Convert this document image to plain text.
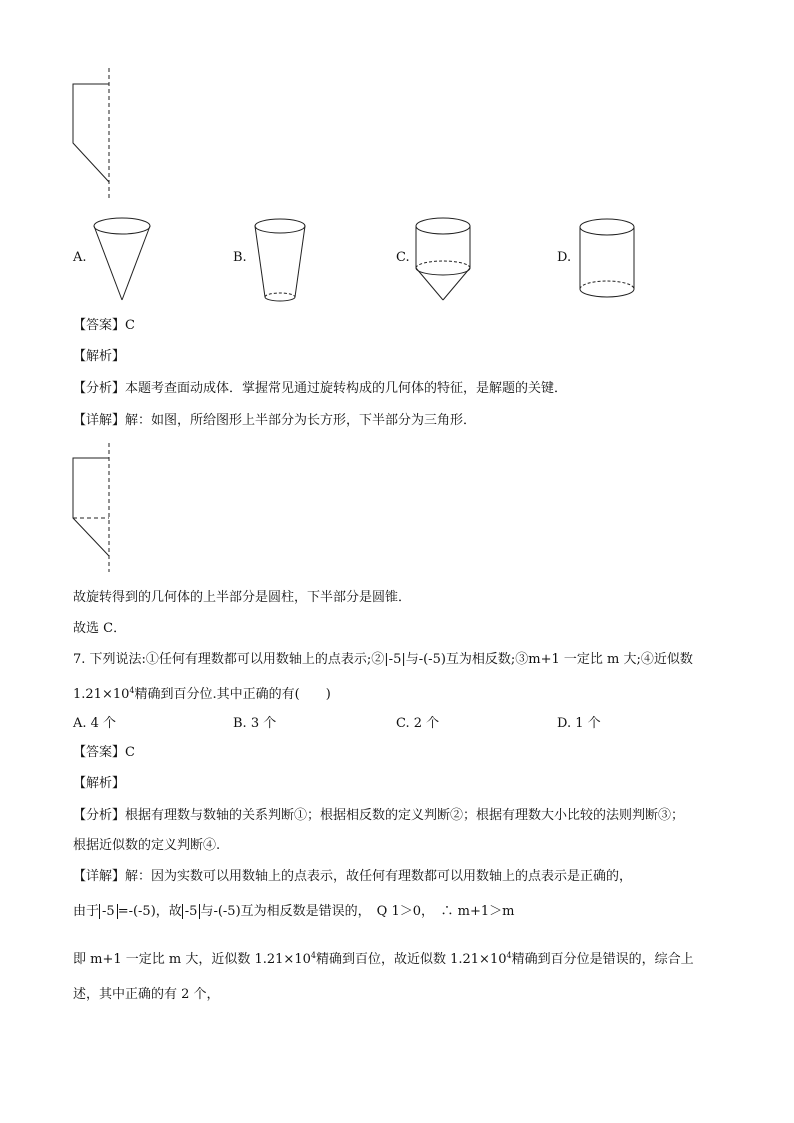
A.	B.	C.	D.
【答案】C
【解析】
【分析】本题考查面动成体．掌握常见通过旋转构成的几何体的特征，是解题的关键．
【详解】解：如图，所给图形上半部分为长方形，下半部分为三角形．
故旋转得到的几何体的上半部分是圆柱，下半部分是圆锥．
故选 C．
7. 下列说法:①任何有理数都可以用数轴上的点表示;②|-5|与-(-5)互为相反数;③m+1 一定比 m 大;④近似数
$1.21\times 10^4$精确到百分位.其中正确的有(　　)
A. 4 个	B. 3 个	C. 2 个	D. 1 个
【答案】C
【解析】
【分析】根据有理数与数轴的关系判断①；根据相反数的定义判断②；根据有理数大小比较的法则判断③；
根据近似数的定义判断④.
【详解】解：因为实数可以用数轴上的点表示，故任何有理数都可以用数轴上的点表示是正确的，
由于 -5 =-(-5)，故 -5 与-(-5)互为相反数是错误的， Q 1＞0，　∴ m+1＞m
即 m+1 一定比 m 大，近似数 $1.21\times 10^4$精确到百位，故近似数 $1.21\times 10^4$精确到百分位是错误的，综合上
述，其中正确的有 2 个，
